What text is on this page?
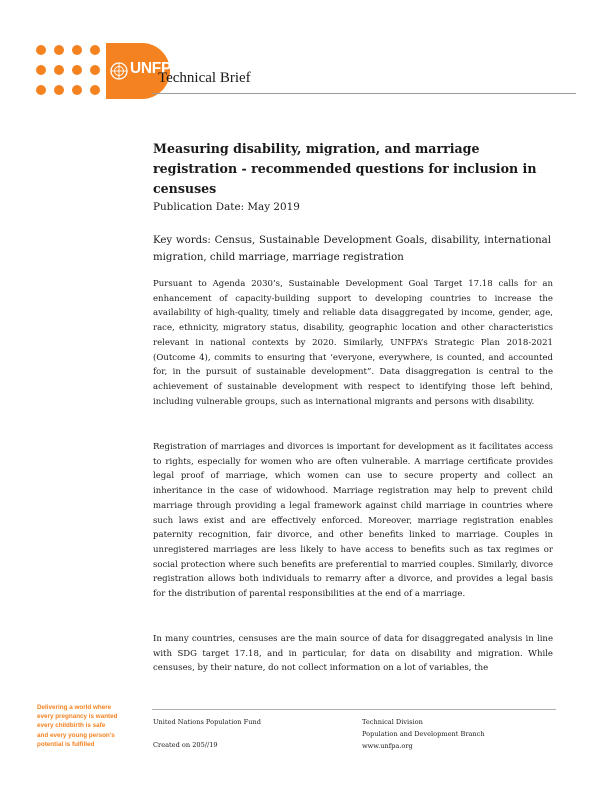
UNFPA
Technical Brief
Measuring disability, migration, and marriage registration - recommended questions for inclusion in censuses

Publication Date: May 2019

Key words: Census, Sustainable Development Goals, disability, international migration, child marriage, marriage registration

Pursuant to Agenda 2030’s, Sustainable Development Goal Target 17.18 calls for an enhancement of capacity-building support to developing countries to increase the availability of high-quality, timely and reliable data disaggregated by income, gender, age, race, ethnicity, migratory status, disability, geographic location and other characteristics relevant in national contexts by 2020. Similarly, UNFPA’s Strategic Plan 2018-2021 (Outcome 4), commits to ensuring that ‘everyone, everywhere, is counted, and accounted for, in the pursuit of sustainable development”. Data disaggregation is central to the achievement of sustainable development with respect to identifying those left behind, including vulnerable groups, such as international migrants and persons with disability.

Registration of marriages and divorces is important for development as it facilitates access to rights, especially for women who are often vulnerable. A marriage certificate provides legal proof of marriage, which women can use to secure property and collect an inheritance in the case of widowhood. Marriage registration may help to prevent child marriage through providing a legal framework against child marriage in countries where such laws exist and are effectively enforced. Moreover, marriage registration enables paternity recognition, fair divorce, and other benefits linked to marriage. Couples in unregistered marriages are less likely to have access to benefits such as tax regimes or social protection where such benefits are preferential to married couples. Similarly, divorce registration allows both individuals to remarry after a divorce, and provides a legal basis for the distribution of parental responsibilities at the end of a marriage.

In many countries, censuses are the main source of data for disaggregated analysis in line with SDG target 17.18, and in particular, for data on disability and migration. While censuses, by their nature, do not collect information on a lot of variables, the

Delivering a world where
every pregnancy is wanted
every childbirth is safe
and every young person’s
potential is fulfilled

United Nations Population Fund

Created on 205//19

Technical Division

Population and Development Branch

www.unfpa.org
